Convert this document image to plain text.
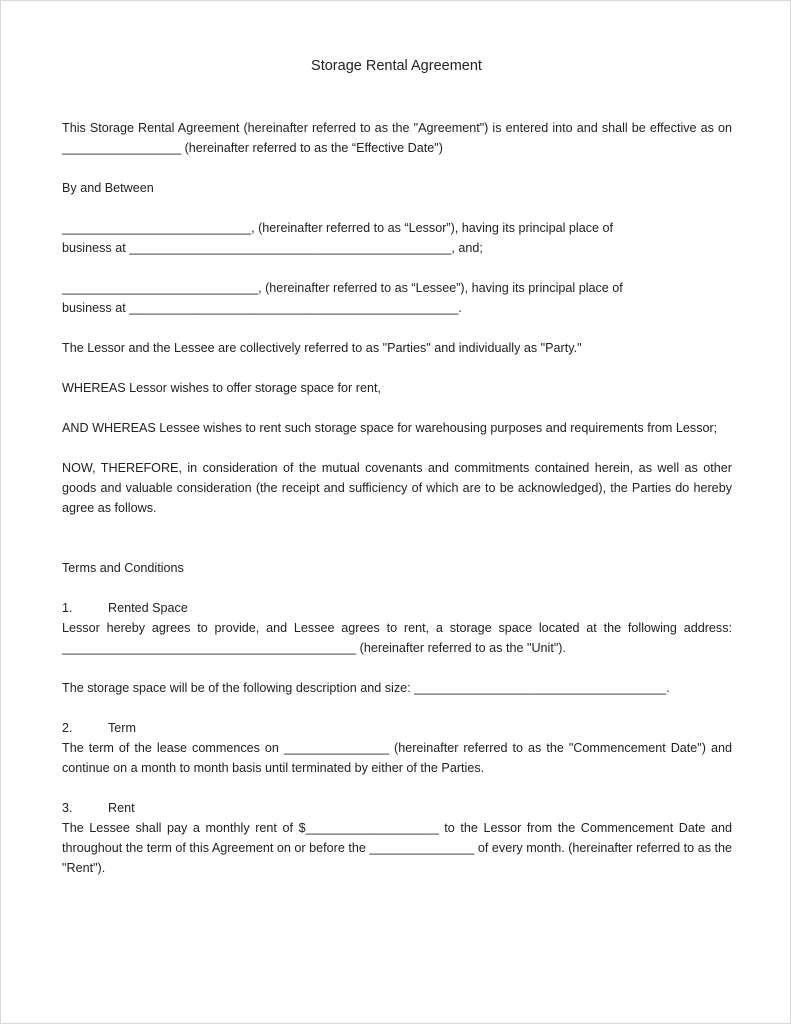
Storage Rental Agreement

This Storage Rental Agreement (hereinafter referred to as the "Agreement") is entered into and shall be effective as on _________________ (hereinafter referred to as the “Effective Date")

By and Between

___________________________, (hereinafter referred to as “Lessor”), having its principal place of

business at ______________________________________________, and;

____________________________, (hereinafter referred to as “Lessee”), having its principal place of

business at _______________________________________________.

The Lessor and the Lessee are collectively referred to as "Parties" and individually as "Party."

WHEREAS Lessor wishes to offer storage space for rent,

AND WHEREAS Lessee wishes to rent such storage space for warehousing purposes and requirements from Lessor;

NOW, THEREFORE, in consideration of the mutual covenants and commitments contained herein, as well as other goods and valuable consideration (the receipt and sufficiency of which are to be acknowledged), the Parties do hereby agree as follows.

Terms and Conditions

1.	Rented Space

Lessor hereby agrees to provide, and Lessee agrees to rent, a storage space located at the following address: __________________________________________ (hereinafter referred to as the "Unit").

The storage space will be of the following description and size: ____________________________________.

2.	Term

The term of the lease commences on _______________ (hereinafter referred to as the "Commencement Date") and continue on a month to month basis until terminated by either of the Parties.

3.	Rent

The Lessee shall pay a monthly rent of $___________________ to the Lessor from the Commencement Date and throughout the term of this Agreement on or before the _______________ of every month. (hereinafter referred to as the "Rent").
